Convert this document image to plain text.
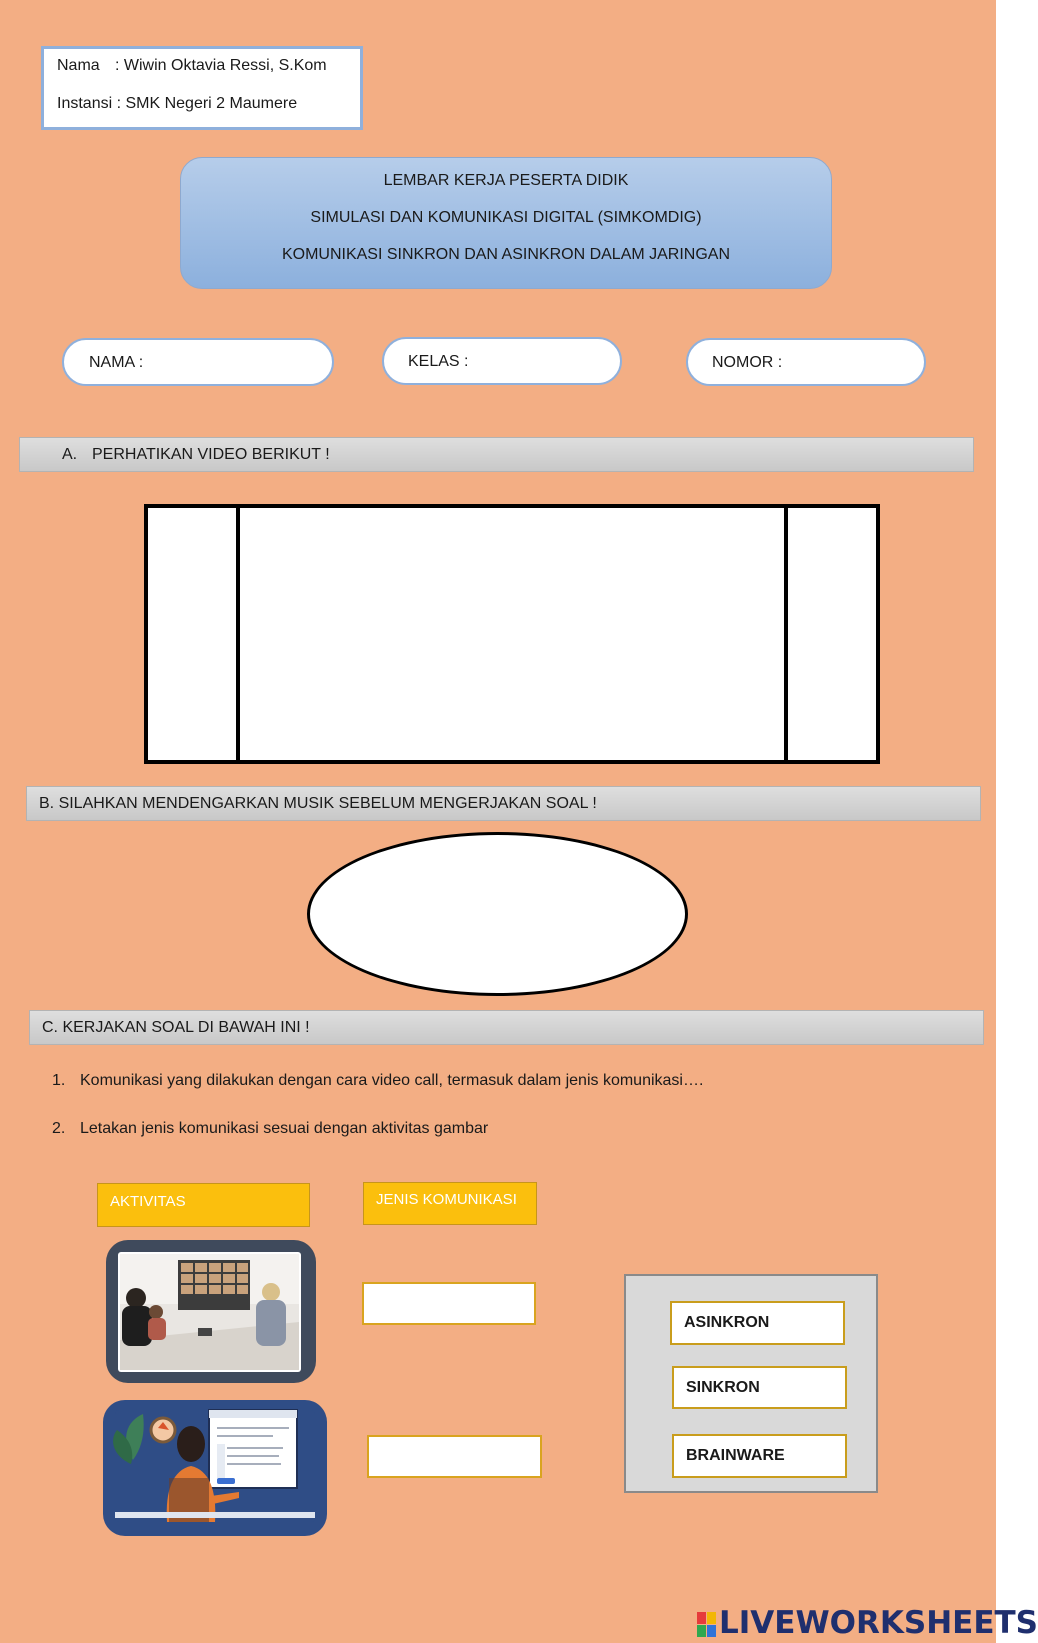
Nama : Wiwin Oktavia Ressi, S.Kom
Instansi : SMK Negeri 2 Maumere
LEMBAR KERJA PESERTA DIDIK
SIMULASI DAN KOMUNIKASI DIGITAL (SIMKOMDIG)
KOMUNIKASI SINKRON DAN ASINKRON DALAM JARINGAN
NAMA :	KELAS :	NOMOR :
A. PERHATIKAN VIDEO BERIKUT !
B. SILAHKAN MENDENGARKAN MUSIK SEBELUM MENGERJAKAN SOAL !
C. KERJAKAN SOAL DI BAWAH INI !
1. Komunikasi yang dilakukan dengan cara video call, termasuk dalam jenis komunikasi….
2. Letakan jenis komunikasi sesuai dengan aktivitas gambar
AKTIVITAS	JENIS KOMUNIKASI
ASINKRON
SINKRON
BRAINWARE
LIVEWORKSHEETS
